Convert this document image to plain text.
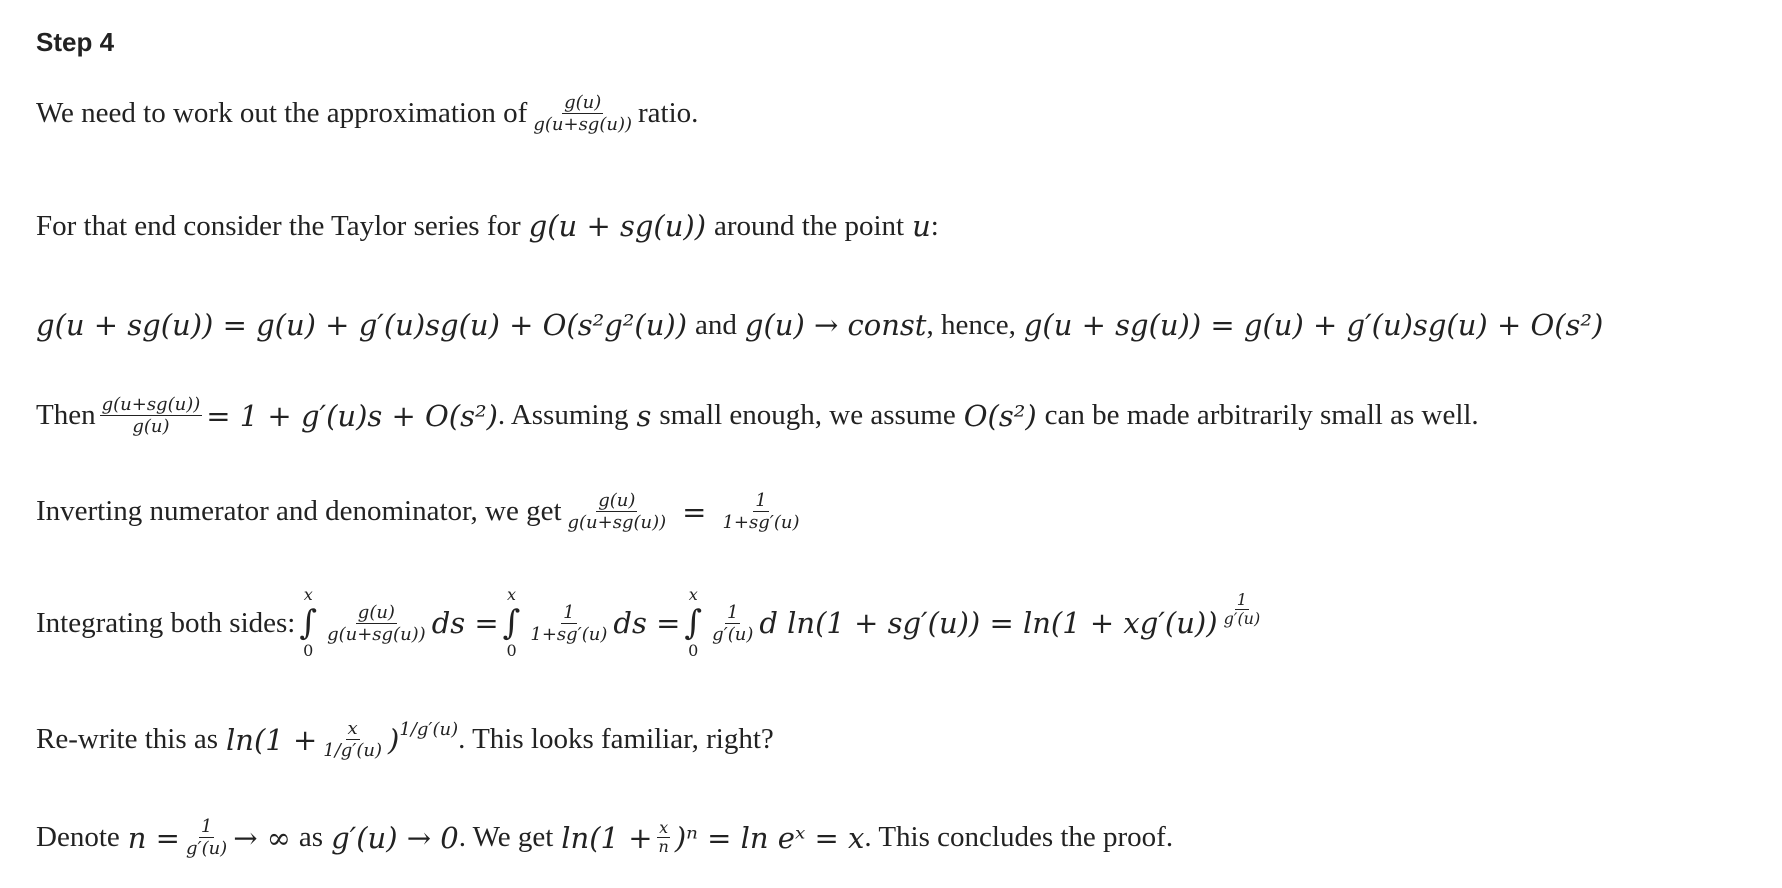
Step 4
We need to work out the approximation of $\frac{g(u)}{g(u+sg(u))}$ ratio.
For that end consider the Taylor series for g(u + sg(u)) around the point u :
g(u + sg(u)) = g(u) + g′(u)sg(u) + O(s²g²(u)) and g(u) → const , hence, g(u + sg(u)) = g(u) + g′(u)sg(u) + O(s²)
Then $\frac{g(u+sg(u))}{g(u)} = 1 + g'(u)s + O(s^2)$ . Assuming s small enough, we assume O(s²) can be made arbitrarily small as well.
Inverting numerator and denominator, we get $\frac{g(u)}{g(u+sg(u))} = \frac{1}{1+sg'(u)}$
Integrating both sides:
x
∫
0
$\frac{g(u)}{g(u+sg(u))}$ ds =
x
∫
0
$\frac{1}{1+sg'(u)}$ ds =
x
∫
0
$\frac{1}{g'(u)}$ d $\ln(1 + sg'(u)) = \ln(1 + xg'(u)) \frac{1}{g'(u)}$
Re-write this as $\ln(1 + \frac{x}{1/g'(u)} )^{1/g'(u)}$ . This looks familiar, right?
Denote $n = \frac{1}{g'(u)}$ → ∞ as g′(u) → 0 . We get $\ln(1 + \frac{x}{n} )^n = \ln$ eˣ = x . This concludes the proof.
